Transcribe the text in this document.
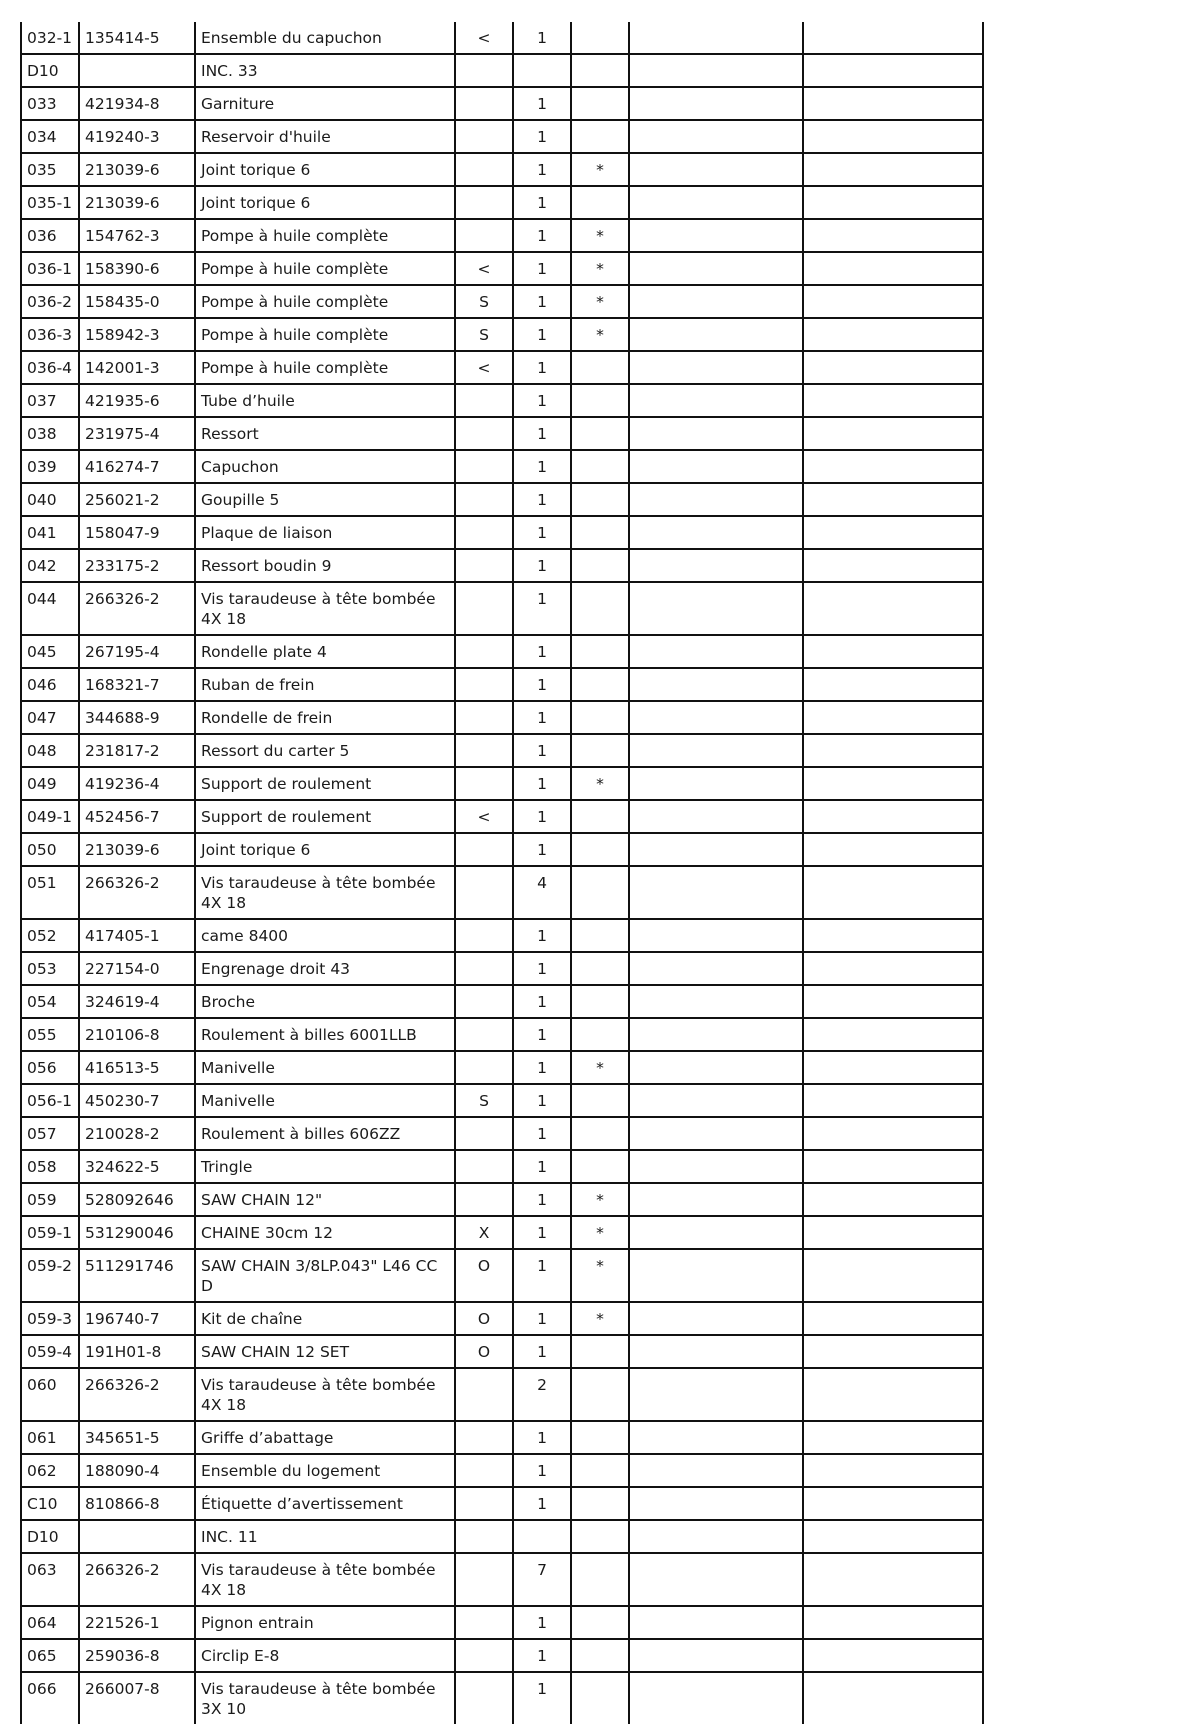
032-1	135414-5	Ensemble du capuchon	<	1			
D10		INC. 33					
033	421934-8	Garniture		1			
034	419240-3	Reservoir d'huile		1			
035	213039-6	Joint torique 6		1	*		
035-1	213039-6	Joint torique 6		1			
036	154762-3	Pompe à huile complète		1	*		
036-1	158390-6	Pompe à huile complète	<	1	*		
036-2	158435-0	Pompe à huile complète	S	1	*		
036-3	158942-3	Pompe à huile complète	S	1	*		
036-4	142001-3	Pompe à huile complète	<	1			
037	421935-6	Tube d’huile		1			
038	231975-4	Ressort		1			
039	416274-7	Capuchon		1			
040	256021-2	Goupille 5		1			
041	158047-9	Plaque de liaison		1			
042	233175-2	Ressort boudin 9		1			
044	266326-2	Vis taraudeuse à tête bombée 4X 18		1			
045	267195-4	Rondelle plate 4		1			
046	168321-7	Ruban de frein		1			
047	344688-9	Rondelle de frein		1			
048	231817-2	Ressort du carter 5		1			
049	419236-4	Support de roulement		1	*		
049-1	452456-7	Support de roulement	<	1			
050	213039-6	Joint torique 6		1			
051	266326-2	Vis taraudeuse à tête bombée 4X 18		4			
052	417405-1	came 8400		1			
053	227154-0	Engrenage droit 43		1			
054	324619-4	Broche		1			
055	210106-8	Roulement à billes 6001LLB		1			
056	416513-5	Manivelle		1	*		
056-1	450230-7	Manivelle	S	1			
057	210028-2	Roulement à billes 606ZZ		1			
058	324622-5	Tringle		1			
059	528092646	SAW CHAIN 12"		1	*		
059-1	531290046	CHAINE 30cm 12	X	1	*		
059-2	511291746	SAW CHAIN 3/8LP.043" L46 CC D	O	1	*		
059-3	196740-7	Kit de chaîne	O	1	*		
059-4	191H01-8	SAW CHAIN 12 SET	O	1			
060	266326-2	Vis taraudeuse à tête bombée 4X 18		2			
061	345651-5	Griffe d’abattage		1			
062	188090-4	Ensemble du logement		1			
C10	810866-8	Étiquette d’avertissement		1			
D10		INC. 11					
063	266326-2	Vis taraudeuse à tête bombée 4X 18		7			
064	221526-1	Pignon entrain		1			
065	259036-8	Circlip E-8		1			
066	266007-8	Vis taraudeuse à tête bombée 3X 10		1			
